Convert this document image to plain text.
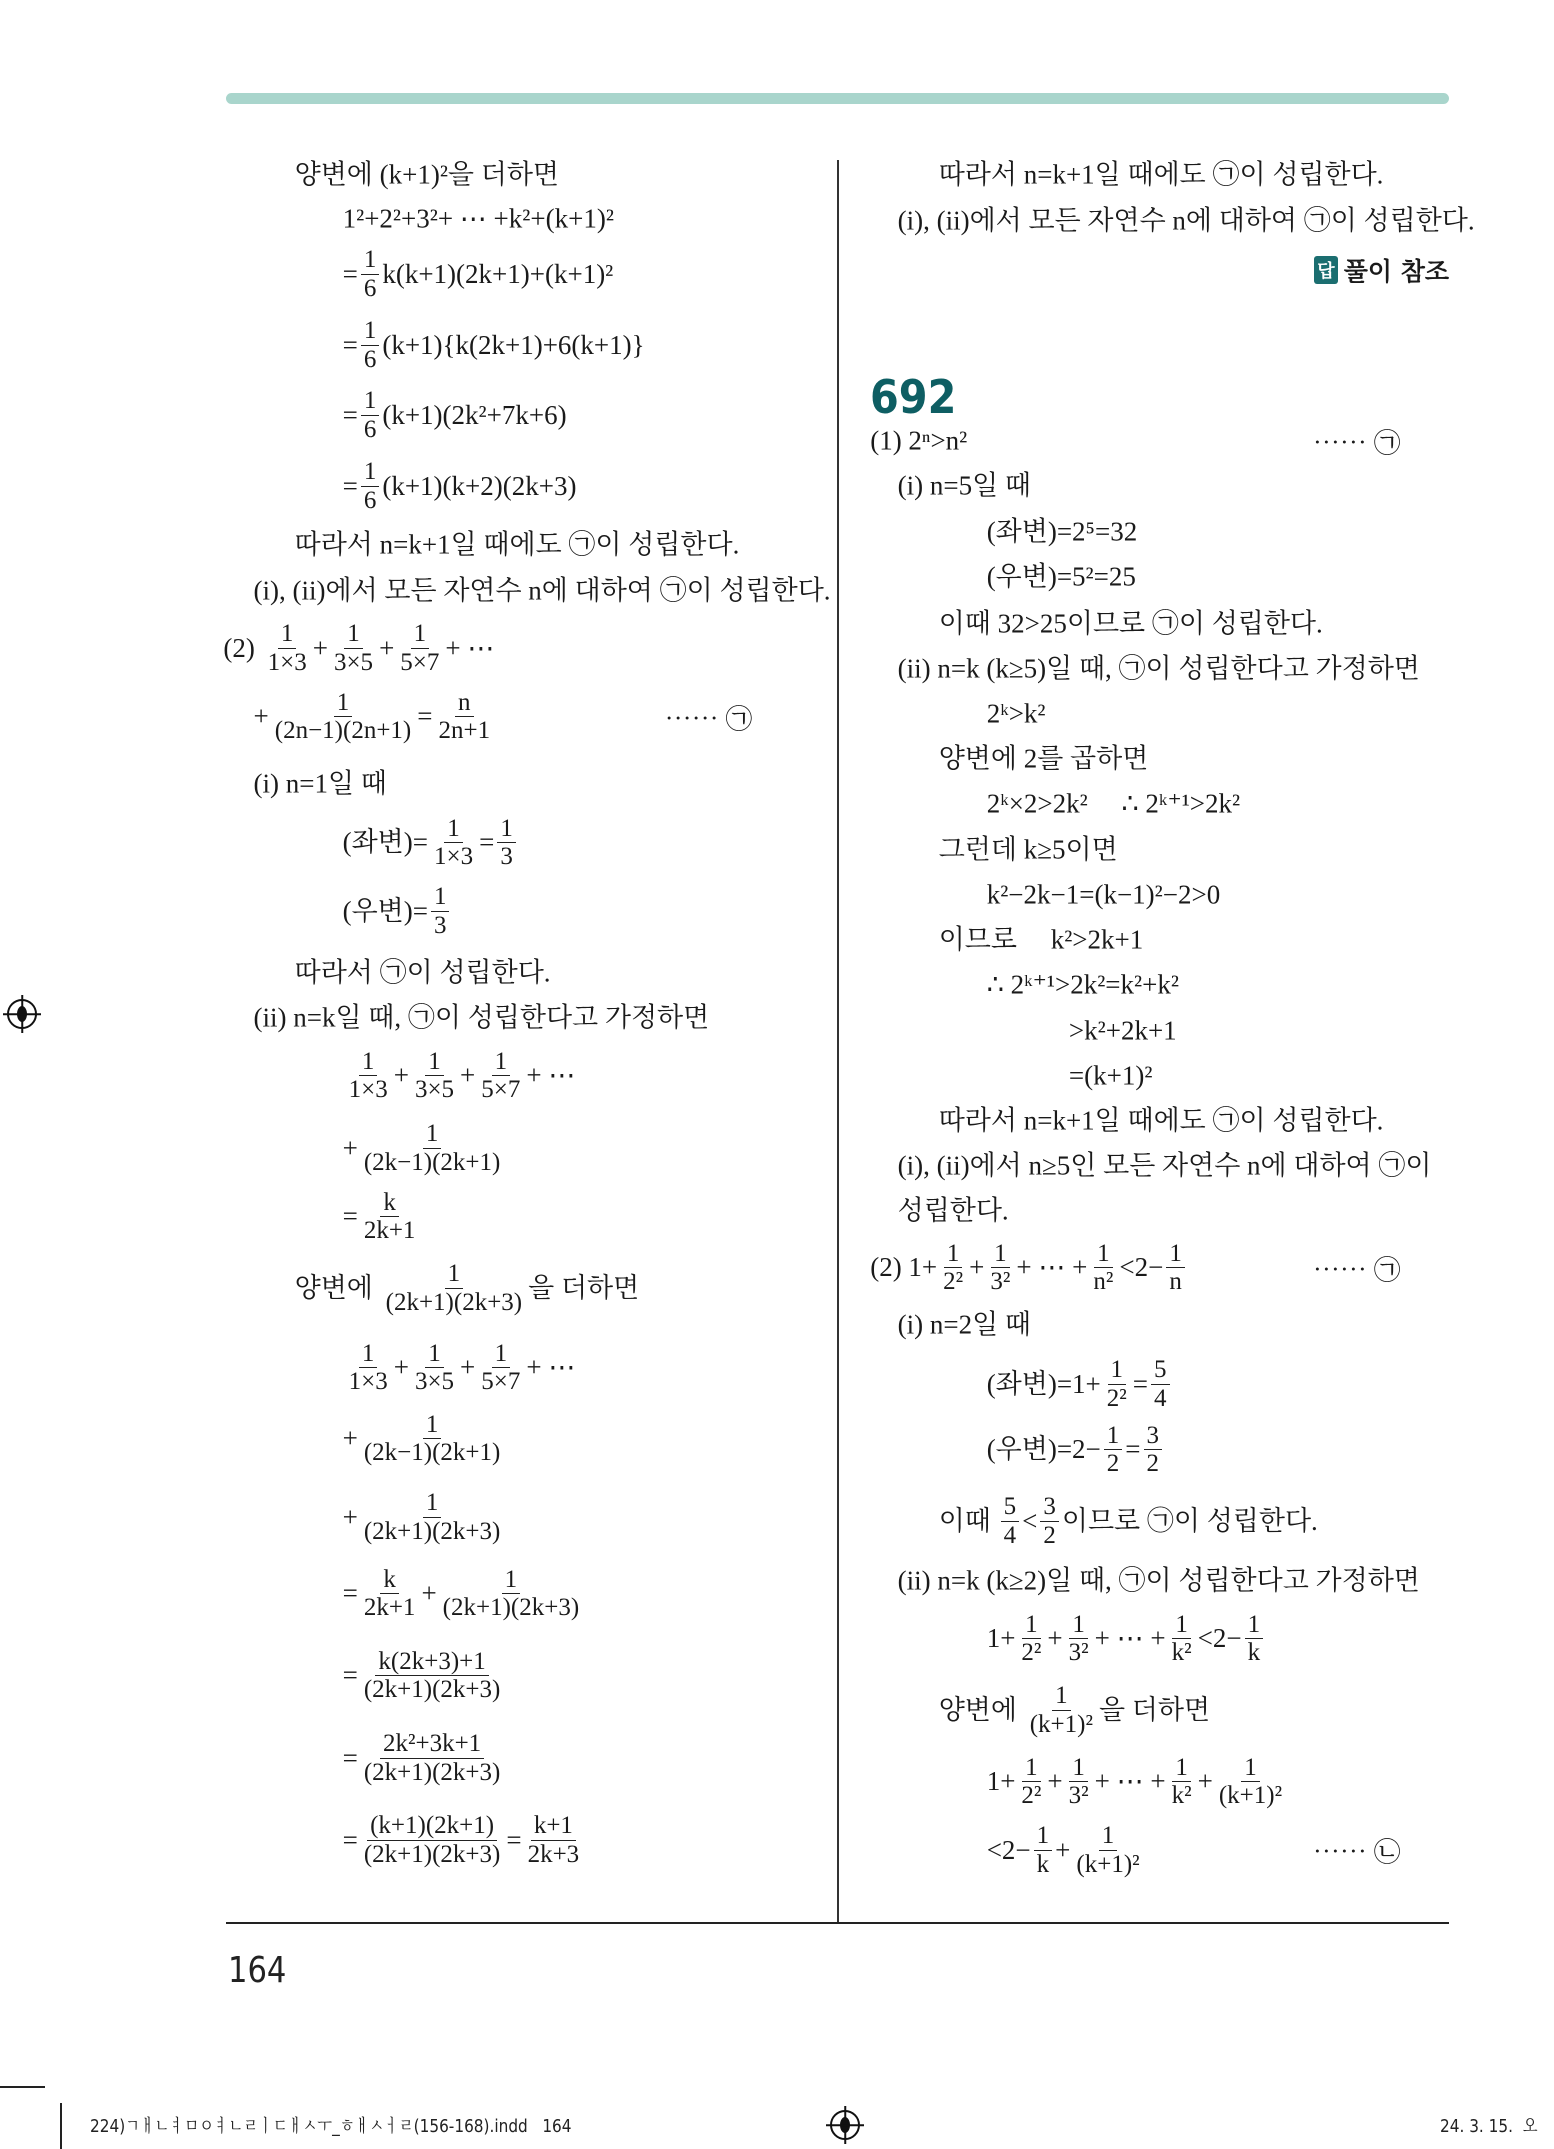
양변에 (k+1)²을 더하면
1²+2²+3²+ ⋯ +k²+(k+1)²
= $\frac{1}{6} k(k+1)(2k+1)+(k+1)^2$
= $\frac{1}{6} (k+1)\{k(2k+1)+6(k+1)\}$
= $\frac{1}{6} (k+1)(2k^2+7k+6)$
= $\frac{1}{6} (k+1)(k+2)(2k+3)$
따라서 n=k+1일 때에도 ㉠이 성립한다.
(i), (ii)에서 모든 자연수 n에 대하여 ㉠이 성립한다.
$(2) \frac{1}{1\times 3} + \frac{1}{3\times 5} + \frac{1}{5\times 7}$ + ⋯
+ $\frac{1}{(2n-1)(2n+1)} = \frac{n}{2n+1}$	⋯⋯ ㉠
(i) n=1일 때
(좌변)= $\frac{1}{1\times 3} = \frac{1}{3}$
(우변)= $\frac{1}{3}$
따라서 ㉠이 성립한다.
(ii) n=k일 때, ㉠이 성립한다고 가정하면
$\frac{1}{1\times 3} + \frac{1}{3\times 5} + \frac{1}{5\times 7}$ + ⋯
+ $\frac{1}{(2k-1)(2k+1)}$
= $\frac{k}{2k+1}$
양변에 $\frac{1}{(2k+1)(2k+3)}$ 을 더하면
$\frac{1}{1\times 3} + \frac{1}{3\times 5} + \frac{1}{5\times 7}$ + ⋯
+ $\frac{1}{(2k-1)(2k+1)}$
+ $\frac{1}{(2k+1)(2k+3)}$
= $\frac{k}{2k+1} + \frac{1}{(2k+1)(2k+3)}$
= $\frac{k(2k+3)+1}{(2k+1)(2k+3)}$
= $\frac{\text{2k²+3k+1}}{(2k+1)(2k+3)}$
= $\frac{(k+1)(2k+1)}{(2k+1)(2k+3)} = \frac{k+1}{2k+3}$
따라서 n=k+1일 때에도 ㉠이 성립한다.
(i), (ii)에서 모든 자연수 n에 대하여 ㉠이 성립한다.
(1) 2ⁿ>n²	⋯⋯ ㉠
(i) n=5일 때
(좌변)=2⁵=32
(우변)=5²=25
이때 32>25이므로 ㉠이 성립한다.
(ii) n=k (k≥5)일 때, ㉠이 성립한다고 가정하면
2ᵏ>k²
양변에 2를 곱하면
2ᵏ×2>2k²     ∴ 2ᵏ⁺¹>2k²
그런데 k≥5이면
k²−2k−1=(k−1)²−2>0
이므로     k²>2k+1
∴ 2ᵏ⁺¹>2k²=k²+k²
>k²+2k+1
=(k+1)²
따라서 n=k+1일 때에도 ㉠이 성립한다.
(i), (ii)에서 n≥5인 모든 자연수 n에 대하여 ㉠이
성립한다.
(2) $1+ \frac{1}{\text{2²}} + \frac{1}{\text{3²}}$ + ⋯ + $\frac{1}{\text{n²}} <2- \frac{1}{n}$	⋯⋯ ㉠
(i) n=2일 때
(좌변)$=1+ \frac{1}{\text{2²}} = \frac{5}{4}$
(우변)$=2- \frac{1}{2} = \frac{3}{2}$
이때 $\frac{5}{4} < \frac{3}{2}$ 이므로 ㉠이 성립한다.
(ii) n=k (k≥2)일 때, ㉠이 성립한다고 가정하면
$1+ \frac{1}{\text{2²}} + \frac{1}{\text{3²}}$ + ⋯ + $\frac{1}{\text{k²}} <2- \frac{1}{k}$
양변에 $\frac{1}{\text{(k+1)²}}$ 을 더하면
$1+ \frac{1}{\text{2²}} + \frac{1}{\text{3²}}$ + ⋯ + $\frac{1}{\text{k²}} + \frac{1}{\text{(k+1)²}}$
$<2- \frac{1}{k} + \frac{1}{\text{(k+1)²}}$	⋯⋯ ㉡
답 풀이 참조
692
164
224)ㄱㅐㄴㅕㅁㅇㅕㄴㄹㅣㄷㅐㅅㅜ_ㅎㅐㅅㅓㄹ(156-168).indd   164	24. 3. 15.  오
